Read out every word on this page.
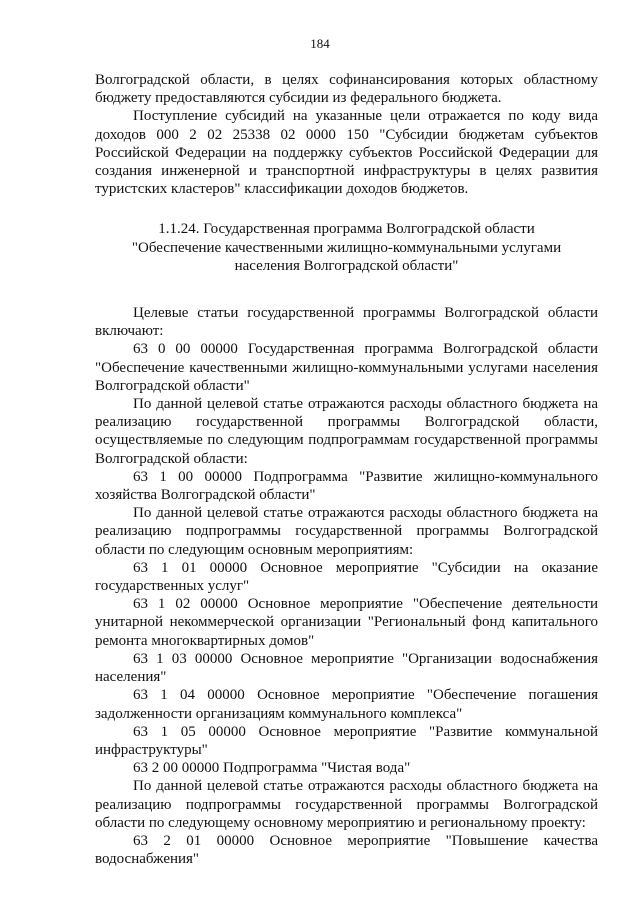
184

Волгоградской области, в целях софинансирования которых областному бюджету предоставляются субсидии из федерального бюджета.

Поступление субсидий на указанные цели отражается по коду вида доходов 000 2 02 25338 02 0000 150 "Субсидии бюджетам субъектов Российской Федерации на поддержку субъектов Российской Федерации для создания инженерной и транспортной инфраструктуры в целях развития туристских кластеров" классификации доходов бюджетов.

1.1.24. Государственная программа Волгоградской области
"Обеспечение качественными жилищно-коммунальными услугами
населения Волгоградской области"

Целевые статьи государственной программы Волгоградской области включают:

63 0 00 00000 Государственная программа Волгоградской области "Обеспечение качественными жилищно-коммунальными услугами населения Волгоградской области"

По данной целевой статье отражаются расходы областного бюджета на реализацию государственной программы Волгоградской области, осуществляемые по следующим подпрограммам государственной программы Волгоградской области:

63 1 00 00000 Подпрограмма "Развитие жилищно-коммунального хозяйства Волгоградской области"

По данной целевой статье отражаются расходы областного бюджета на реализацию подпрограммы государственной программы Волгоградской области по следующим основным мероприятиям:

63 1 01 00000 Основное мероприятие "Субсидии на оказание государственных услуг"

63 1 02 00000 Основное мероприятие "Обеспечение деятельности унитарной некоммерческой организации "Региональный фонд капитального ремонта многоквартирных домов"

63 1 03 00000 Основное мероприятие "Организации водоснабжения населения"

63 1 04 00000 Основное мероприятие "Обеспечение погашения задолженности организациям коммунального комплекса"

63 1 05 00000 Основное мероприятие "Развитие коммунальной инфраструктуры"

63 2 00 00000 Подпрограмма "Чистая вода"

По данной целевой статье отражаются расходы областного бюджета на реализацию подпрограммы государственной программы Волгоградской области по следующему основному мероприятию и региональному проекту:

63 2 01 00000 Основное мероприятие "Повышение качества водоснабжения"
